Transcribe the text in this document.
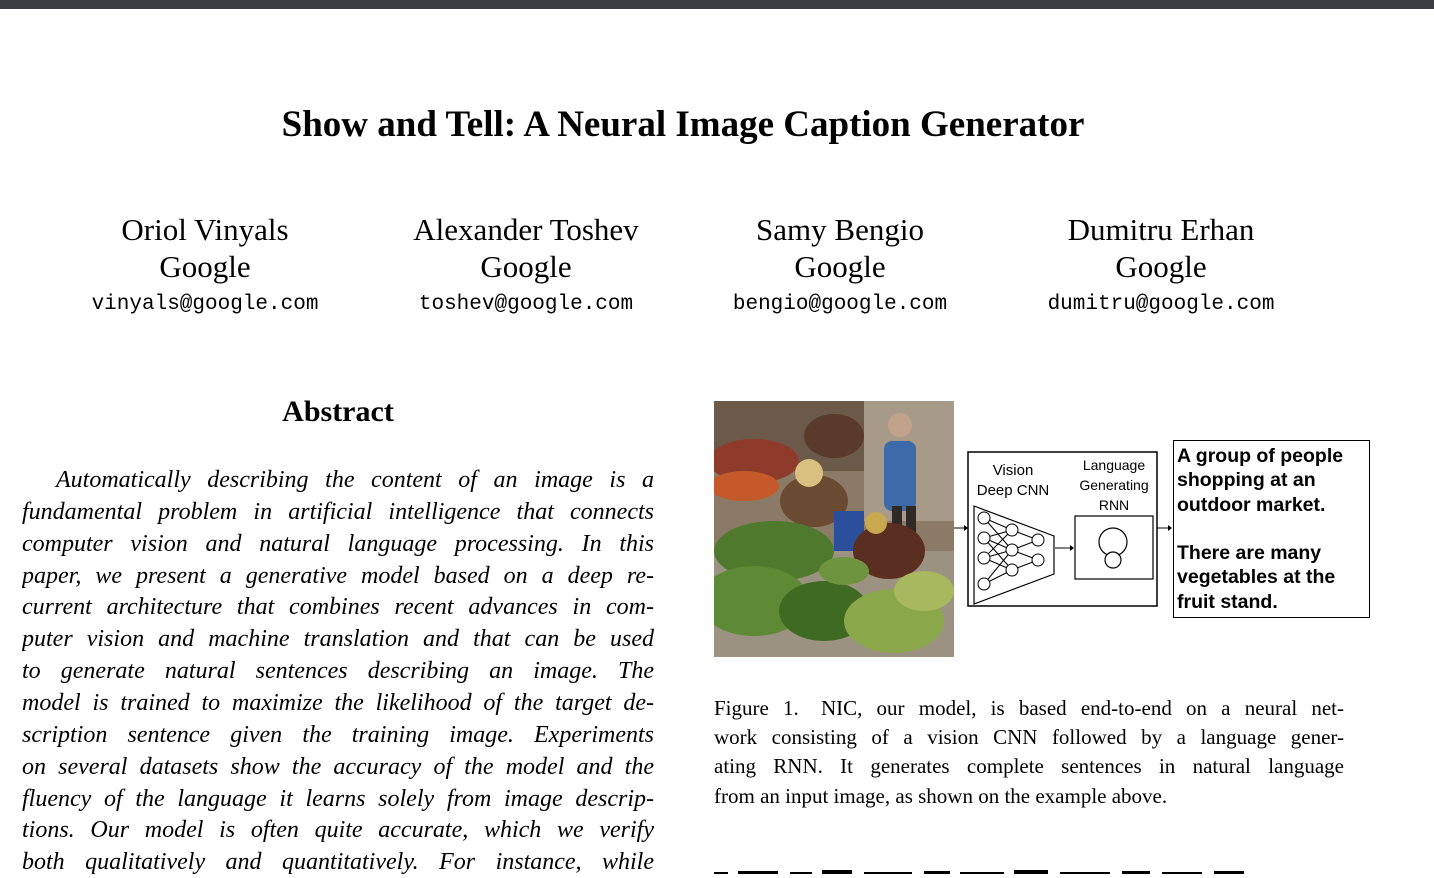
Show and Tell: A Neural Image Caption Generator
Oriol Vinyals
Google
vinyals@google.com
Alexander Toshev
Google
toshev@google.com
Samy Bengio
Google
bengio@google.com
Dumitru Erhan
Google
dumitru@google.com
Abstract
Automatically describing the content of an image is a
fundamental problem in artificial intelligence that connects
computer vision and natural language processing. In this
paper, we present a generative model based on a deep re-
current architecture that combines recent advances in com-
puter vision and machine translation and that can be used
to generate natural sentences describing an image. The
model is trained to maximize the likelihood of the target de-
scription sentence given the training image. Experiments
on several datasets show the accuracy of the model and the
fluency of the language it learns solely from image descrip-
tions. Our model is often quite accurate, which we verify
both qualitatively and quantitatively. For instance, while
Vision
Deep CNN
Language
Generating
RNN
A group of people
shopping at an
outdoor market.
There are many
vegetables at the
fruit stand.
Figure 1. NIC, our model, is based end-to-end on a neural net-
work consisting of a vision CNN followed by a language gener-
ating RNN. It generates complete sentences in natural language
from an input image, as shown on the example above.
